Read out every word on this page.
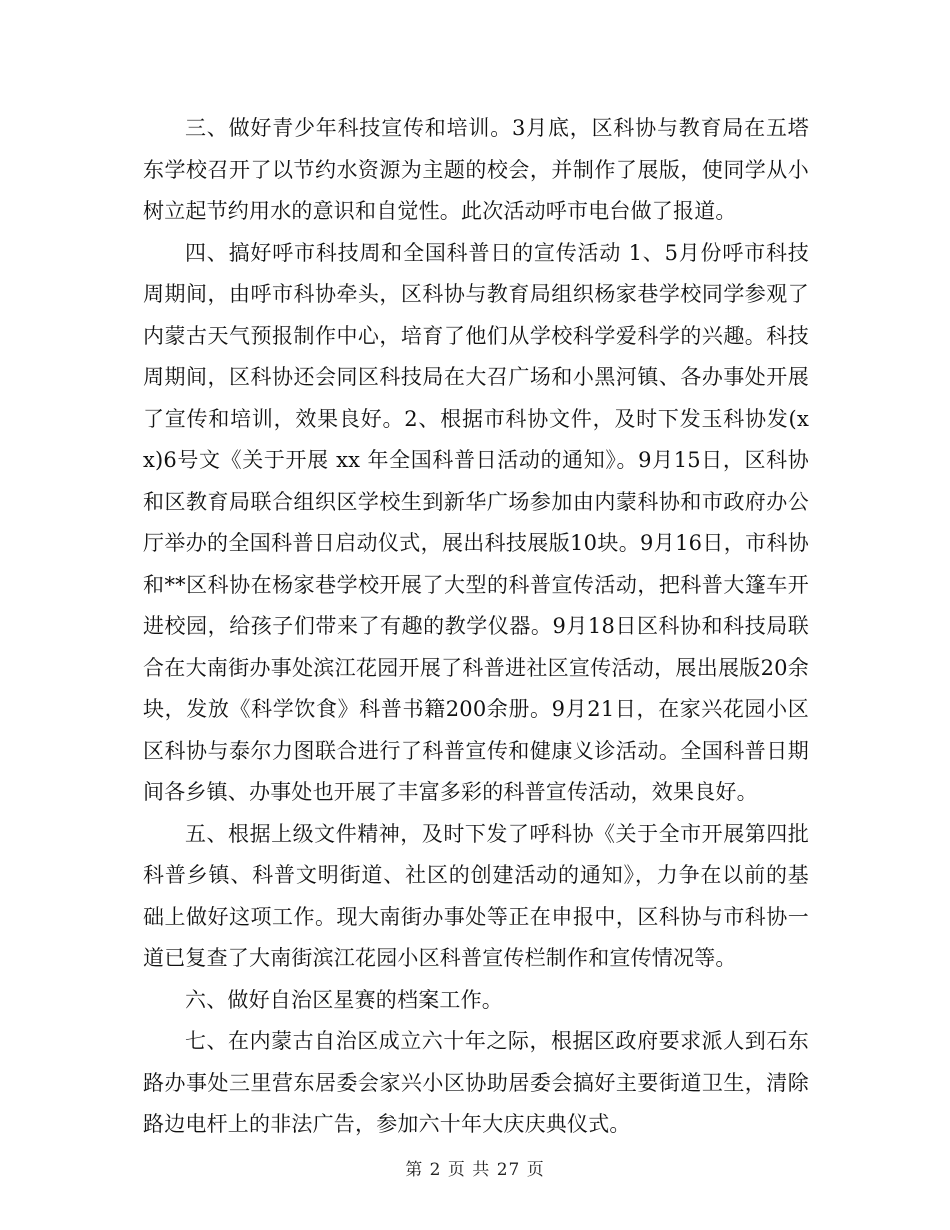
三、做好青少年科技宣传和培训。3月底，区科协与教育局在五塔东学校召开了以节约水资源为主题的校会，并制作了展版，使同学从小树立起节约用水的意识和自觉性。此次活动呼市电台做了报道。

四、搞好呼市科技周和全国科普日的宣传活动 1、5月份呼市科技周期间，由呼市科协牵头，区科协与教育局组织杨家巷学校同学参观了内蒙古天气预报制作中心，培育了他们从学校科学爱科学的兴趣。科技周期间，区科协还会同区科技局在大召广场和小黑河镇、各办事处开展了宣传和培训，效果良好。2、根据市科协文件，及时下发玉科协发(xx)6号文《关于开展 xx 年全国科普日活动的通知》。9月15日，区科协和区教育局联合组织区学校生到新华广场参加由内蒙科协和市政府办公厅举办的全国科普日启动仪式，展出科技展版10块。9月16日，市科协和**区科协在杨家巷学校开展了大型的科普宣传活动，把科普大篷车开进校园，给孩子们带来了有趣的教学仪器。9月18日区科协和科技局联合在大南街办事处滨江花园开展了科普进社区宣传活动，展出展版20余块，发放《科学饮食》科普书籍200余册。9月21日，在家兴花园小区区科协与泰尔力图联合进行了科普宣传和健康义诊活动。全国科普日期间各乡镇、办事处也开展了丰富多彩的科普宣传活动，效果良好。

五、根据上级文件精神，及时下发了呼科协《关于全市开展第四批科普乡镇、科普文明街道、社区的创建活动的通知》，力争在以前的基础上做好这项工作。现大南街办事处等正在申报中，区科协与市科协一道已复查了大南街滨江花园小区科普宣传栏制作和宣传情况等。

六、做好自治区星赛的档案工作。

七、在内蒙古自治区成立六十年之际，根据区政府要求派人到石东路办事处三里营东居委会家兴小区协助居委会搞好主要街道卫生，清除路边电杆上的非法广告，参加六十年大庆庆典仪式。

第 2 页 共 27 页
